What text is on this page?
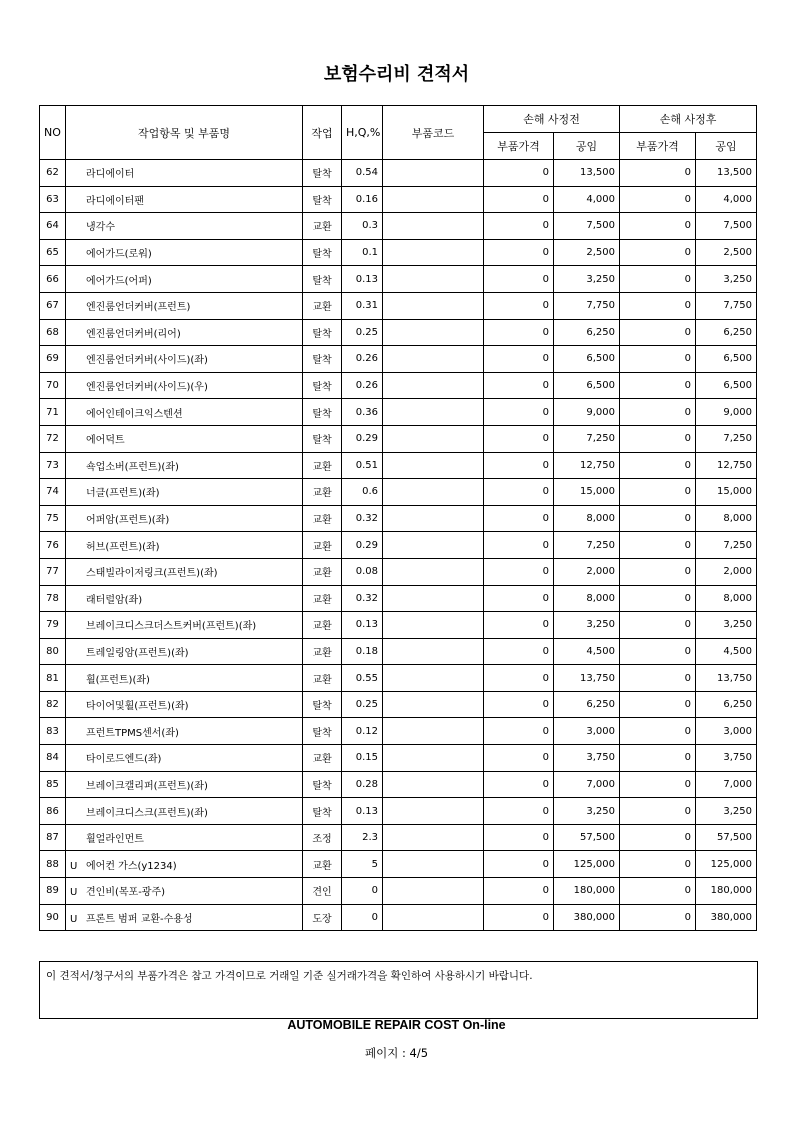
보험수리비 견적서
NO	작업항목 및 부품명	작업	H,Q,%	부품코드	손해 사정전		손해 사정후	
					부품가격	공임	부품가격	공임
62	라디에이터	탈착	0.54		0	13,500	0	13,500
63	라디에이터팬	탈착	0.16		0	4,000	0	4,000
64	냉각수	교환	0.3		0	7,500	0	7,500
65	에어가드(로워)	탈착	0.1		0	2,500	0	2,500
66	에어가드(어퍼)	탈착	0.13		0	3,250	0	3,250
67	엔진룸언더커버(프런트)	교환	0.31		0	7,750	0	7,750
68	엔진룸언더커버(리어)	탈착	0.25		0	6,250	0	6,250
69	엔진룸언더커버(사이드)(좌)	탈착	0.26		0	6,500	0	6,500
70	엔진룸언더커버(사이드)(우)	탈착	0.26		0	6,500	0	6,500
71	에어인테이크익스텐션	탈착	0.36		0	9,000	0	9,000
72	에어덕트	탈착	0.29		0	7,250	0	7,250
73	쇽업소버(프런트)(좌)	교환	0.51		0	12,750	0	12,750
74	너클(프런트)(좌)	교환	0.6		0	15,000	0	15,000
75	어퍼암(프런트)(좌)	교환	0.32		0	8,000	0	8,000
76	허브(프런트)(좌)	교환	0.29		0	7,250	0	7,250
77	스태빌라이저링크(프런트)(좌)	교환	0.08		0	2,000	0	2,000
78	래터럴암(좌)	교환	0.32		0	8,000	0	8,000
79	브레이크디스크더스트커버(프런트)(좌)	교환	0.13		0	3,250	0	3,250
80	트레일링암(프런트)(좌)	교환	0.18		0	4,500	0	4,500
81	휠(프런트)(좌)	교환	0.55		0	13,750	0	13,750
82	타이어및휠(프런트)(좌)	탈착	0.25		0	6,250	0	6,250
83	프런트TPMS센서(좌)	탈착	0.12		0	3,000	0	3,000
84	타이로드엔드(좌)	교환	0.15		0	3,750	0	3,750
85	브레이크캘리퍼(프런트)(좌)	탈착	0.28		0	7,000	0	7,000
86	브레이크디스크(프런트)(좌)	탈착	0.13		0	3,250	0	3,250
87	휠얼라인먼트	조정	2.3		0	57,500	0	57,500
88	U 에어컨 가스(y1234)	교환	5		0	125,000	0	125,000
89	U 견인비(목포-광주)	견인	0		0	180,000	0	180,000
90	U 프론트 범퍼 교환-수용성	도장	0		0	380,000	0	380,000
이 견적서/청구서의 부품가격은 참고 가격이므로 거래일 기준 실거래가격을 확인하여 사용하시기 바랍니다.
AUTOMOBILE REPAIR COST On-line
페이지 : 4/5
